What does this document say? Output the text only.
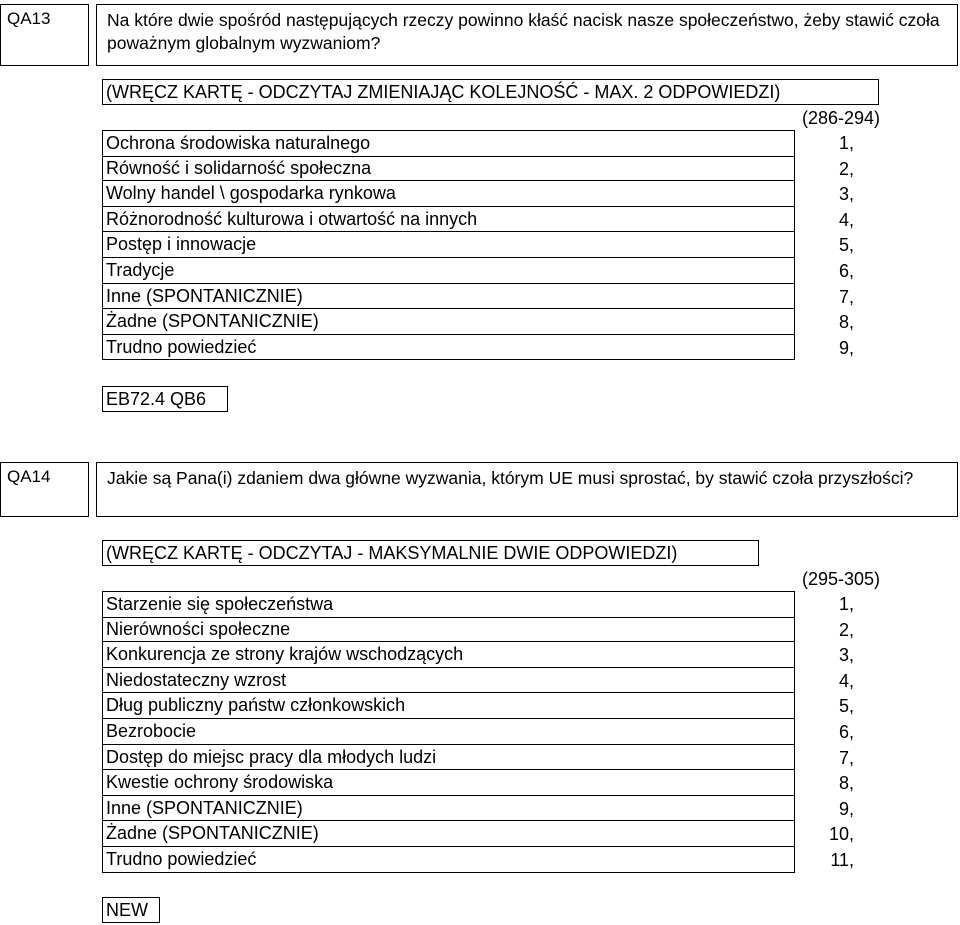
QA13	Na które dwie spośród następujących rzeczy powinno kłaść nacisk nasze społeczeństwo, żeby stawić czoła poważnym globalnym wyzwaniom?
(WRĘCZ KARTĘ - ODCZYTAJ ZMIENIAJĄC KOLEJNOŚĆ - MAX. 2 ODPOWIEDZI)
(286-294)
Ochrona środowiska naturalnego	1,
Równość i solidarność społeczna	2,
Wolny handel \ gospodarka rynkowa	3,
Różnorodność kulturowa i otwartość na innych	4,
Postęp i innowacje	5,
Tradycje	6,
Inne (SPONTANICZNIE)	7,
Żadne (SPONTANICZNIE)	8,
Trudno powiedzieć	9,
EB72.4 QB6
QA14	Jakie są Pana(i) zdaniem dwa główne wyzwania, którym UE musi sprostać, by stawić czoła przyszłości?
(WRĘCZ KARTĘ - ODCZYTAJ - MAKSYMALNIE DWIE ODPOWIEDZI)
(295-305)
Starzenie się społeczeństwa	1,
Nierówności społeczne	2,
Konkurencja ze strony krajów wschodzących	3,
Niedostateczny wzrost	4,
Dług publiczny państw członkowskich	5,
Bezrobocie	6,
Dostęp do miejsc pracy dla młodych ludzi	7,
Kwestie ochrony środowiska	8,
Inne (SPONTANICZNIE)	9,
Żadne (SPONTANICZNIE)	10,
Trudno powiedzieć	11,
NEW
